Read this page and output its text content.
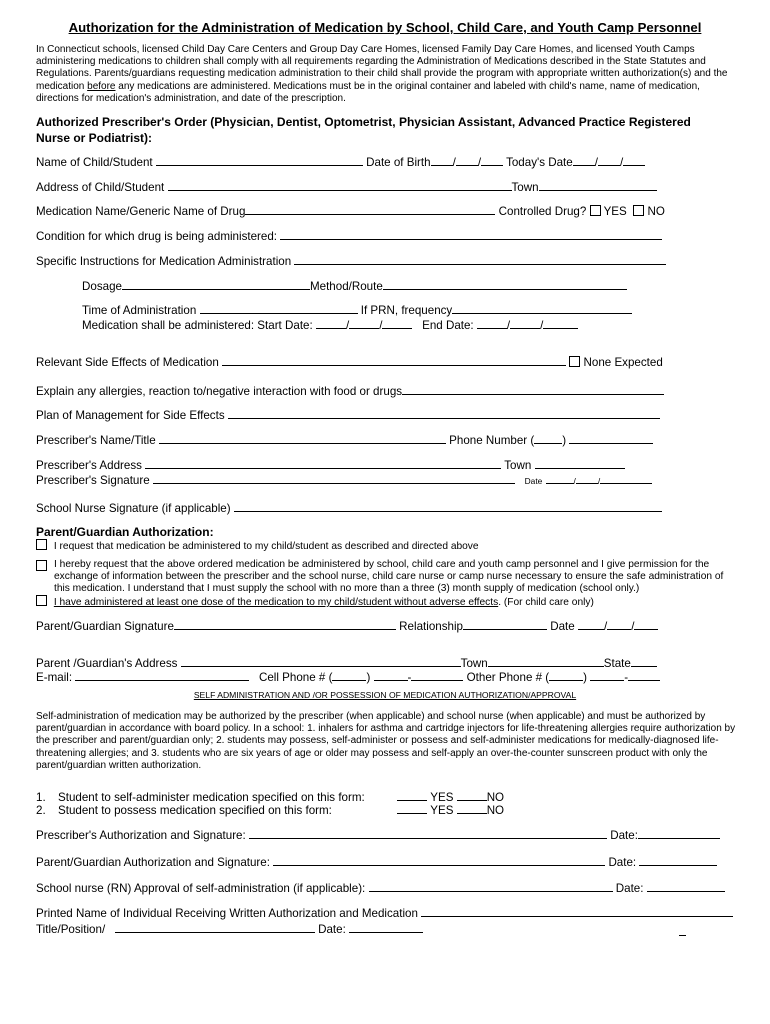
Authorization for the Administration of Medication by School, Child Care, and Youth Camp Personnel
In Connecticut schools, licensed Child Day Care Centers and Group Day Care Homes, licensed Family Day Care Homes, and licensed Youth Camps administering medications to children shall comply with all requirements regarding the Administration of Medications described in the State Statutes and Regulations. Parents/guardians requesting medication administration to their child shall provide the program with appropriate written authorization(s) and the medication before any medications are administered. Medications must be in the original container and labeled with child's name, name of medication, directions for medication's administration, and date of the prescription.
Authorized Prescriber's Order (Physician, Dentist, Optometrist, Physician Assistant, Advanced Practice Registered Nurse or Podiatrist):
Name of Child/Student	Date of Birth / / Today's Date / /
Address of Child/Student	Town
Medication Name/Generic Name of Drug	Controlled Drug? YES NO
Condition for which drug is being administered:
Specific Instructions for Medication Administration
Dosage	Method/Route
Time of Administration	If PRN, frequency
Medication shall be administered: Start Date:	/	/	End Date:	/	/
Relevant Side Effects of Medication	None Expected
Explain any allergies, reaction to/negative interaction with food or drugs
Plan of Management for Side Effects
Prescriber's Name/Title	Phone Number ( )
Prescriber's Address	Town
Prescriber's Signature	Date	/	/
School Nurse Signature (if applicable)
Parent/Guardian Authorization:
I request that medication be administered to my child/student as described and directed above
I hereby request that the above ordered medication be administered by school, child care and youth camp personnel and I give permission for the exchange of information between the prescriber and the school nurse, child care nurse or camp nurse necessary to ensure the safe administration of this medication. I understand that I must supply the school with no more than a three (3) month supply of medication (school only.)
I have administered at least one dose of the medication to my child/student without adverse effects. (For child care only)
Parent/Guardian Signature	Relationship	Date	/ /
Parent /Guardian's Address	Town	State
E-mail:	Cell Phone # (	)	-	Other Phone # (	)	-
SELF ADMINISTRATION AND /OR POSSESSION OF MEDICATION AUTHORIZATION/APPROVAL
Self-administration of medication may be authorized by the prescriber (when applicable) and school nurse (when applicable) and must be authorized by parent/guardian in accordance with board policy. In a school: 1. inhalers for asthma and cartridge injectors for life-threatening allergies require authorization by the prescriber and parent/guardian only; 2. students may possess, self-administer or possess and self-administer medications for medically-diagnosed life-threatening allergies; and 3. students who are six years of age or older may possess and self-apply an over-the-counter sunscreen product with only the parent/guardian written authorization.
1. Student to self-administer medication specified on this form:	YES	NO
2. Student to possess medication specified on this form:	YES	NO
Prescriber's Authorization and Signature:	Date:
Parent/Guardian Authorization and Signature:	Date:
School nurse (RN) Approval of self-administration (if applicable):	Date:
Printed Name of Individual Receiving Written Authorization and Medication
Title/Position/	Date:
